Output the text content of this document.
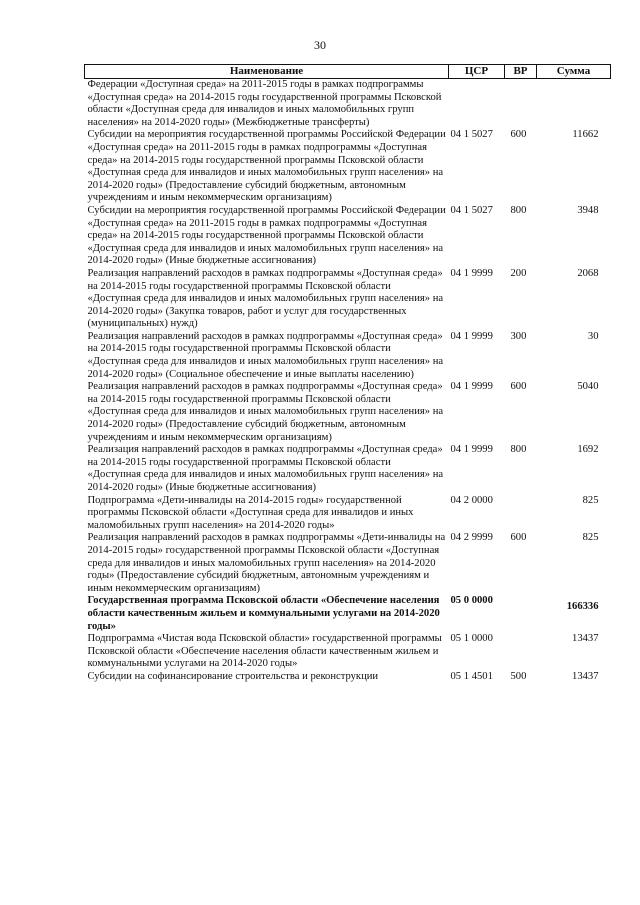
30
Наименование	ЦСР	ВР	Сумма
Федерации «Доступная среда» на 2011-2015 годы в рамках подпрограммы «Доступная среда» на 2014-2015 годы государственной программы Псковской области «Доступная среда для инвалидов и иных маломобильных групп населения» на 2014-2020 годы» (Межбюджетные трансферты)			
Субсидии на мероприятия государственной программы Российской Федерации «Доступная среда» на 2011-2015 годы в рамках подпрограммы «Доступная среда» на 2014-2015 годы государственной программы Псковской области «Доступная среда для инвалидов и иных маломобильных групп населения» на 2014-2020 годы» (Предоставление субсидий бюджетным, автономным учреждениям и иным некоммерческим организациям)	04 1 5027	600	11662
Субсидии на мероприятия государственной программы Российской Федерации «Доступная среда» на 2011-2015 годы в рамках подпрограммы «Доступная среда» на 2014-2015 годы государственной программы Псковской области «Доступная среда для инвалидов и иных маломобильных групп населения» на 2014-2020 годы» (Иные бюджетные ассигнования)	04 1 5027	800	3948
Реализация направлений расходов в рамках подпрограммы «Доступная среда» на 2014-2015 годы государственной программы Псковской области «Доступная среда для инвалидов и иных маломобильных групп населения» на 2014-2020 годы» (Закупка товаров, работ и услуг для государственных (муниципальных) нужд)	04 1 9999	200	2068
Реализация направлений расходов в рамках подпрограммы «Доступная среда» на 2014-2015 годы государственной программы Псковской области «Доступная среда для инвалидов и иных маломобильных групп населения» на 2014-2020 годы» (Социальное обеспечение и иные выплаты населению)	04 1 9999	300	30
Реализация направлений расходов в рамках подпрограммы «Доступная среда» на 2014-2015 годы государственной программы Псковской области «Доступная среда для инвалидов и иных маломобильных групп населения» на 2014-2020 годы» (Предоставление субсидий бюджетным, автономным учреждениям и иным некоммерческим организациям)	04 1 9999	600	5040
Реализация направлений расходов в рамках подпрограммы «Доступная среда» на 2014-2015 годы государственной программы Псковской области «Доступная среда для инвалидов и иных маломобильных групп населения» на 2014-2020 годы» (Иные бюджетные ассигнования)	04 1 9999	800	1692
Подпрограмма «Дети-инвалиды на 2014-2015 годы» государственной программы Псковской области «Доступная среда для инвалидов и иных маломобильных групп населения» на 2014-2020 годы»	04 2 0000		825
Реализация направлений расходов в рамках подпрограммы «Дети-инвалиды на 2014-2015 годы» государственной программы Псковской области «Доступная среда для инвалидов и иных маломобильных групп населения» на 2014-2020 годы» (Предоставление субсидий бюджетным, автономным учреждениям и иным некоммерческим организациям)	04 2 9999	600	825
Государственная программа Псковской области «Обеспечение населения области качественным жильем и коммунальными услугами на 2014-2020 годы»	05 0 0000		166336
Подпрограмма «Чистая вода Псковской области» государственной программы Псковской области «Обеспечение населения области качественным жильем и коммунальными услугами на 2014-2020 годы»	05 1 0000		13437
Субсидии на софинансирование строительства и реконструкции	05 1 4501	500	13437
